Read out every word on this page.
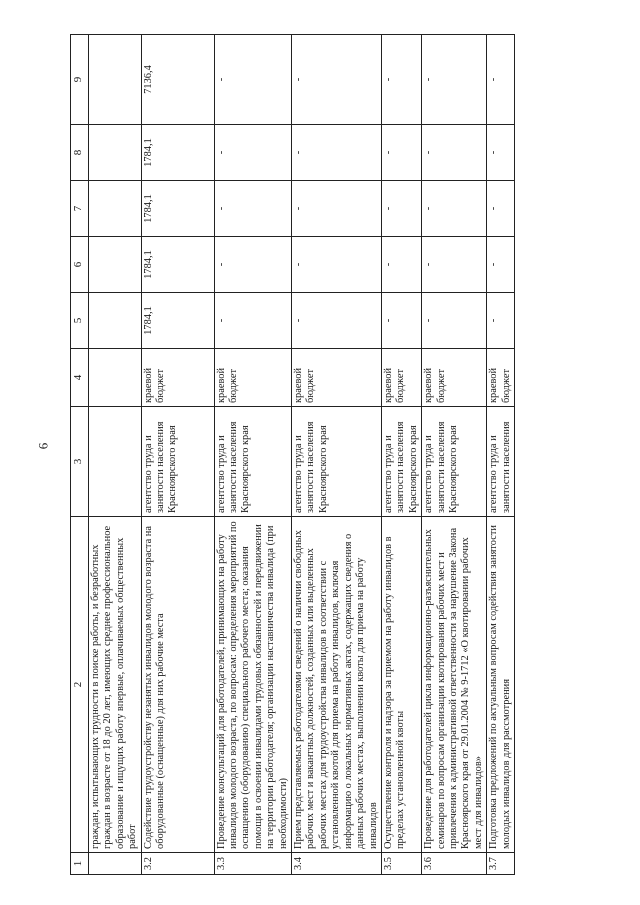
6
1	2	3	4	5	6	7	8	9
	граждан, испытывающих трудности в поиске работы, и безработных граждан в возрасте от 18 до 20 лет, имеющих среднее профессиональное образование и ищущих работу впервые, оплачиваемых общественных работ							
3.2	Содействие трудоустройству незанятых инвалидов молодого возраста на оборудованные (оснащенные) для них рабочие места	агентство труда и занятости населения Красноярского края	краевой бюджет	1784,1	1784,1	1784,1	1784,1	7136,4
3.3	Проведение консультаций для работодателей, принимающих на работу инвалидов молодого возраста, по вопросам: определения мероприятий по оснащению (оборудованию) специального рабочего места; оказания помощи в освоении инвалидами трудовых обязанностей и передвижении на территории работодателя; организации наставничества инвалида (при необходимости)	агентство труда и занятости населения Красноярского края	краевой бюджет	-	-	-	-	-
3.4	Прием представляемых работодателями сведений о наличии свободных рабочих мест и вакантных должностей, созданных или выделенных рабочих местах для трудоустройства инвалидов в соответствии с установленной квотой для приема на работу инвалидов, включая информацию о локальных нормативных актах, содержащих сведения о данных рабочих местах, выполнении квоты для приема на работу инвалидов	агентство труда и занятости населения Красноярского края	краевой бюджет	-	-	-	-	-
3.5	Осуществление контроля и надзора за приемом на работу инвалидов в пределах установленной квоты	агентство труда и занятости населения Красноярского края	краевой бюджет	-	-	-	-	-
3.6	Проведение для работодателей цикла информационно-разъяснительных семинаров по вопросам организации квотирования рабочих мест и привлечения к административной ответственности за нарушение Закона Красноярского края от 29.01.2004 № 9-1712 «О квотировании рабочих мест для инвалидов»	агентство труда и занятости населения Красноярского края	краевой бюджет	-	-	-	-	-
3.7	Подготовка предложений по актуальным вопросам содействия занятости молодых инвалидов для рассмотрения	агентство труда и занятости населения	краевой бюджет	-	-	-	-	-
